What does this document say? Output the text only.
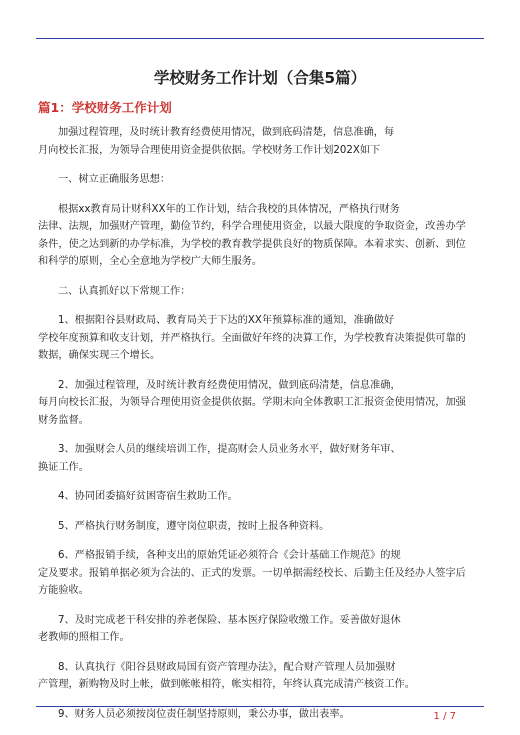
学校财务工作计划（合集5篇）
篇1：学校财务工作计划
加强过程管理，及时统计教育经费使用情况，做到底码清楚，信息准确，每
月向校长汇报，为领导合理使用资金提供依据。学校财务工作计划202X如下
一、树立正确服务思想：
根据xx教育局计财科XX年的工作计划，结合我校的具体情况，严格执行财务
法律、法规，加强财产管理，勤俭节约，科学合理使用资金，以最大限度的争取资金，改善办学
条件，使之达到新的办学标准，为学校的教育教学提供良好的物质保障。本着求实、创新、到位
和科学的原则，全心全意地为学校广大师生服务。
二、认真抓好以下常规工作：
1、根据阳谷县财政局、教育局关于下达的XX年预算标准的通知，准确做好
学校年度预算和收支计划，并严格执行。全面做好年终的决算工作，为学校教育决策提供可靠的
数据，确保实现三个增长。
2、加强过程管理，及时统计教育经费使用情况，做到底码清楚，信息准确，
每月向校长汇报，为领导合理使用资金提供依据。学期末向全体教职工汇报资金使用情况，加强
财务监督。
3、加强财会人员的继续培训工作，提高财会人员业务水平，做好财务年审、
换证工作。
4、协同团委搞好贫困寄宿生救助工作。
5、严格执行财务制度，遵守岗位职责，按时上报各种资料。
6、严格报销手续，各种支出的原始凭证必须符合《会计基础工作规范》的规
定及要求。报销单据必须为合法的、正式的发票。一切单据需经校长、后勤主任及经办人签字后
方能验收。
7、及时完成老干科安排的养老保险、基本医疗保险收缴工作。妥善做好退休
老教师的照相工作。
8、认真执行《阳谷县财政局国有资产管理办法》，配合财产管理人员加强财
产管理，新购物及时上帐，做到帐帐相符，帐实相符，年终认真完成清产核资工作。
9、财务人员必须按岗位责任制坚持原则，秉公办事，做出表率。	1 / 7
